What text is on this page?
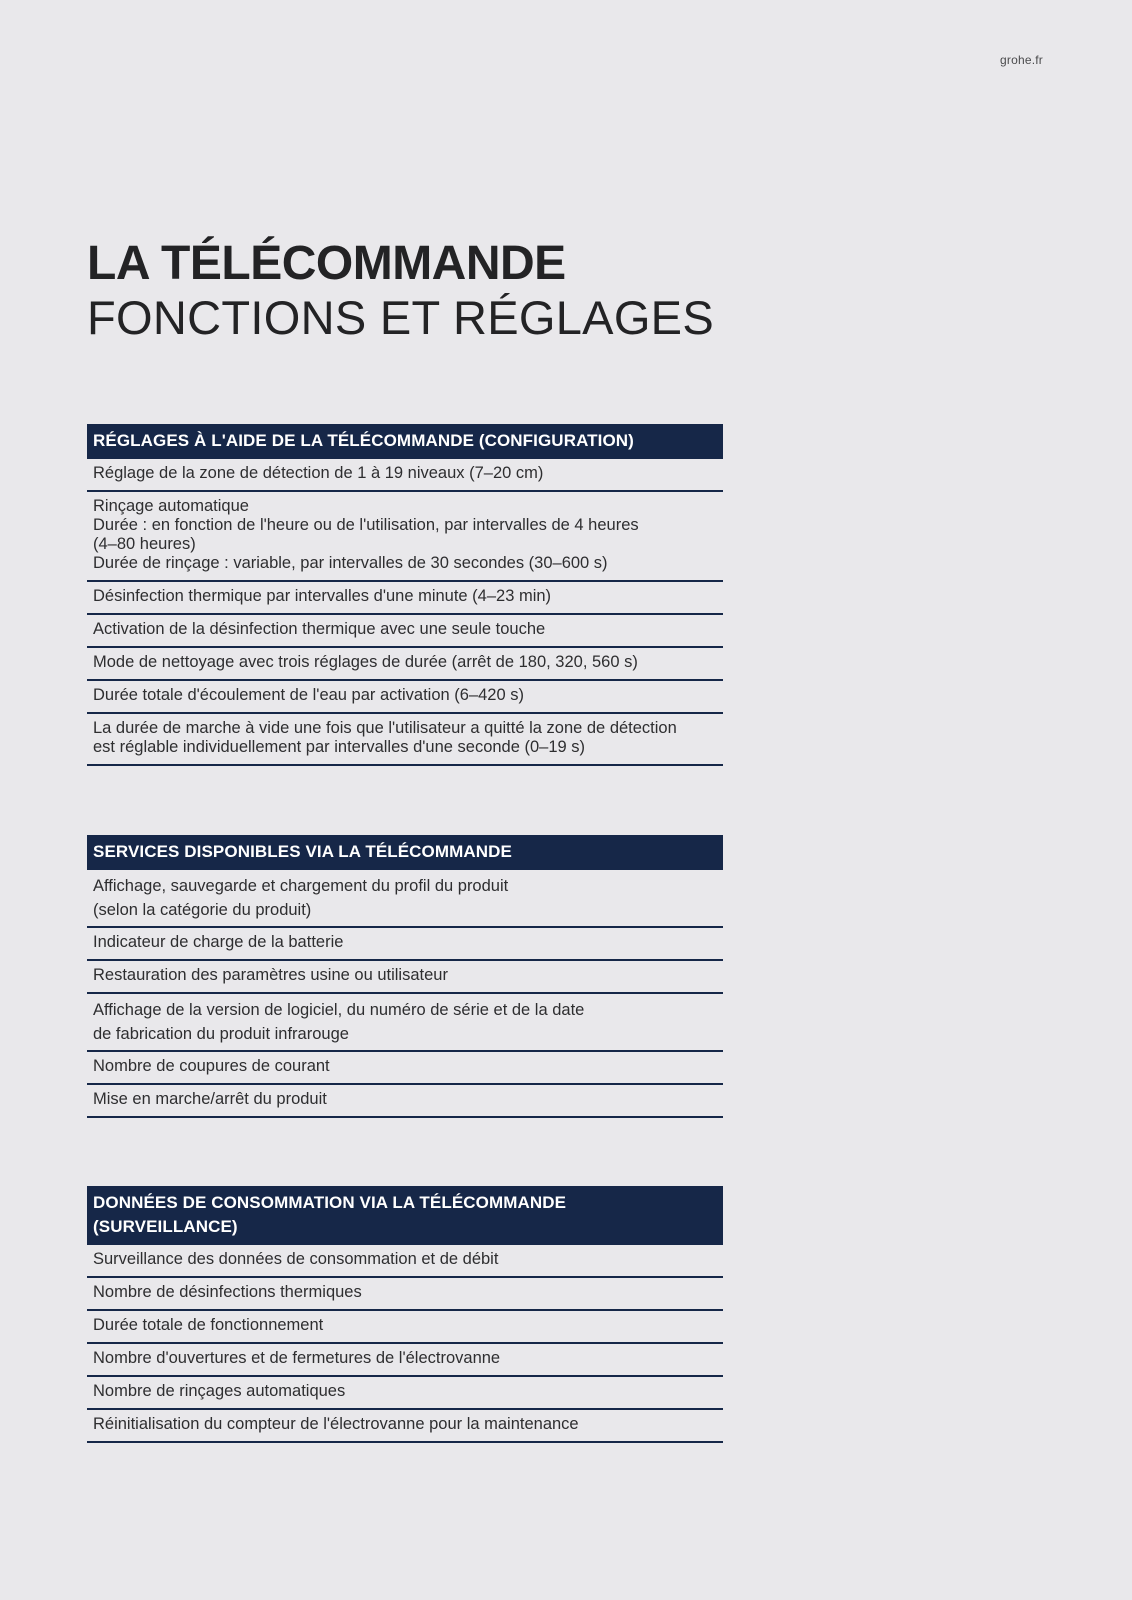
grohe.fr
LA TÉLÉCOMMANDE
FONCTIONS ET RÉGLAGES
RÉGLAGES À L'AIDE DE LA TÉLÉCOMMANDE (CONFIGURATION)
Réglage de la zone de détection de 1 à 19 niveaux (7–20 cm)
Rinçage automatique
Durée : en fonction de l'heure ou de l'utilisation, par intervalles de 4 heures
(4–80 heures)
Durée de rinçage : variable, par intervalles de 30 secondes (30–600 s)
Désinfection thermique par intervalles d'une minute (4–23 min)
Activation de la désinfection thermique avec une seule touche
Mode de nettoyage avec trois réglages de durée (arrêt de 180, 320, 560 s)
Durée totale d'écoulement de l'eau par activation (6–420 s)
La durée de marche à vide une fois que l'utilisateur a quitté la zone de détection
est réglable individuellement par intervalles d'une seconde (0–19 s)
SERVICES DISPONIBLES VIA LA TÉLÉCOMMANDE
Affichage, sauvegarde et chargement du profil du produit
(selon la catégorie du produit)
Indicateur de charge de la batterie
Restauration des paramètres usine ou utilisateur
Affichage de la version de logiciel, du numéro de série et de la date
de fabrication du produit infrarouge
Nombre de coupures de courant
Mise en marche/arrêt du produit
DONNÉES DE CONSOMMATION VIA LA TÉLÉCOMMANDE
(SURVEILLANCE)
Surveillance des données de consommation et de débit
Nombre de désinfections thermiques
Durée totale de fonctionnement
Nombre d'ouvertures et de fermetures de l'électrovanne
Nombre de rinçages automatiques
Réinitialisation du compteur de l'électrovanne pour la maintenance
